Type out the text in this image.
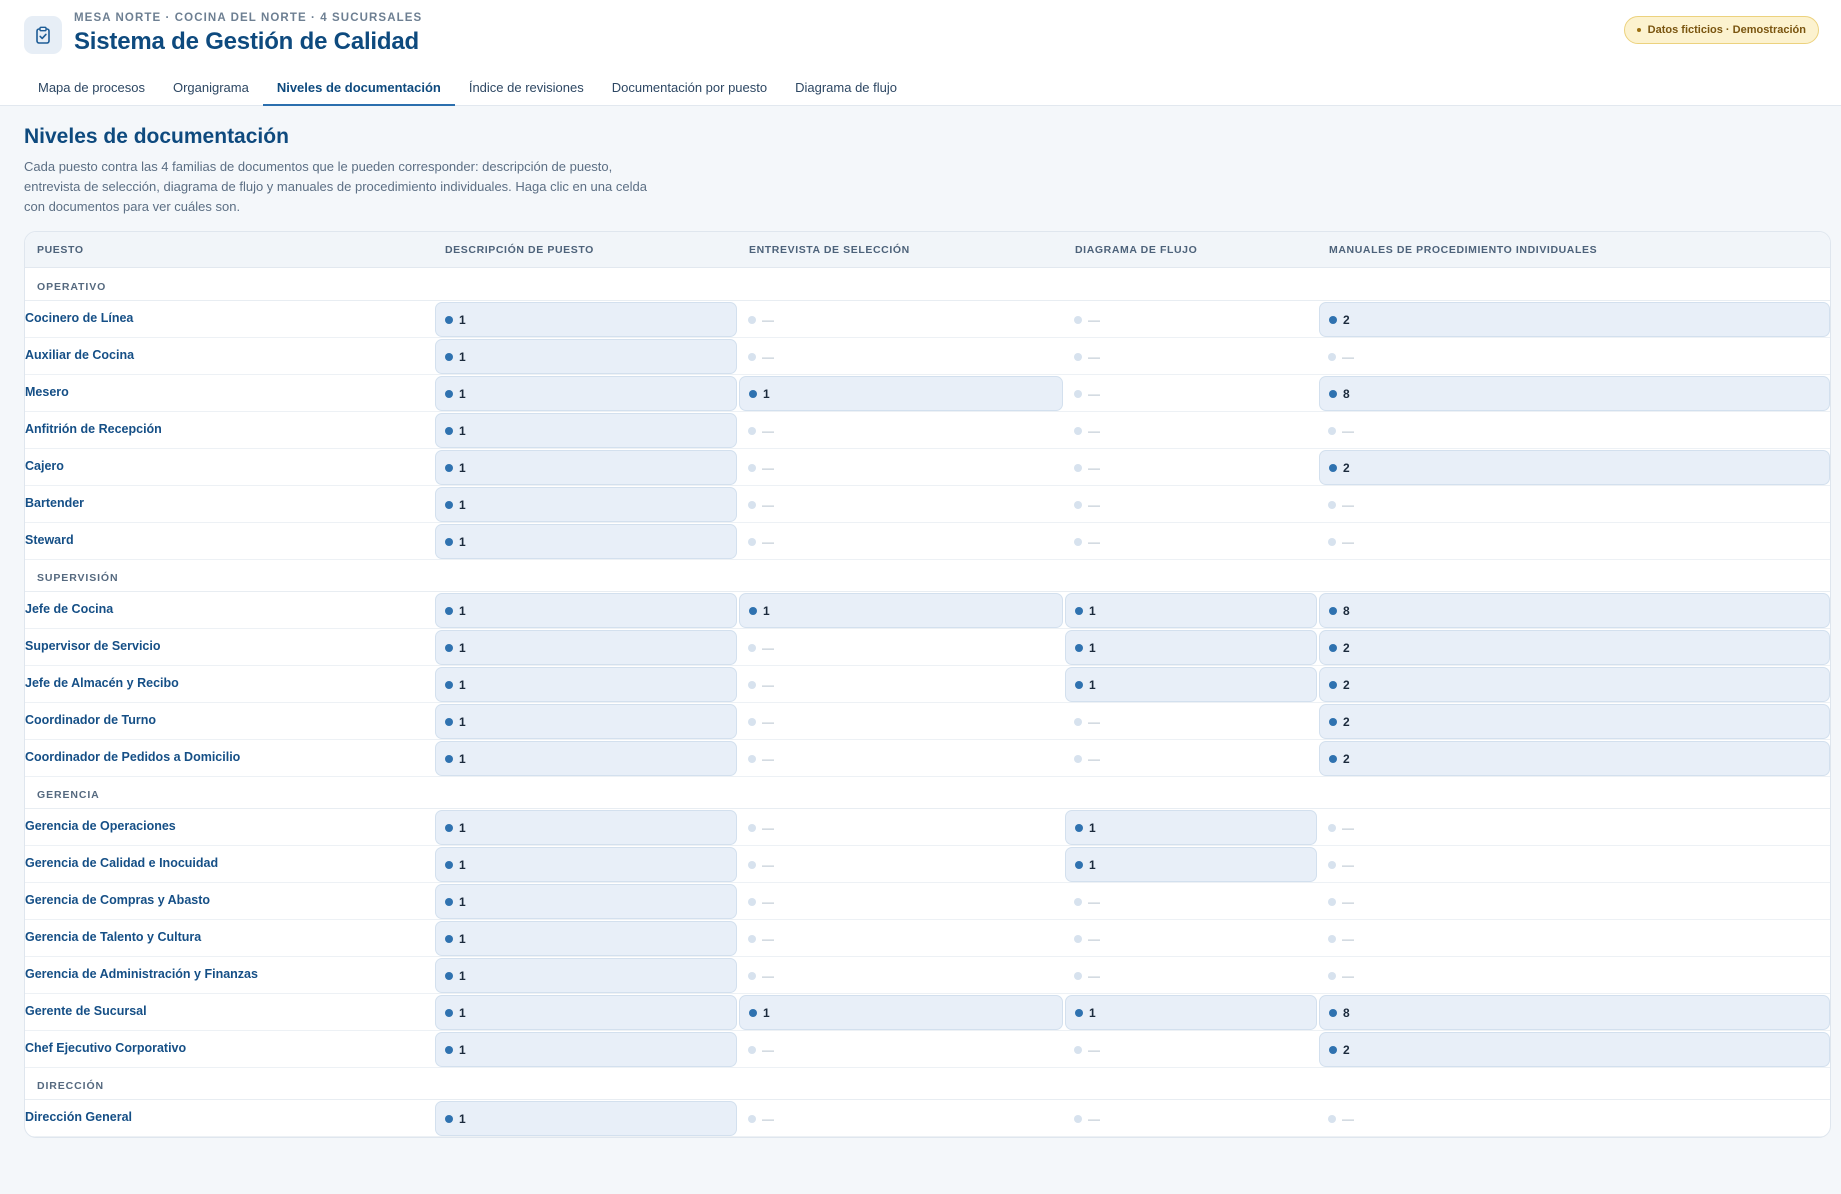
MESA NORTE · COCINA DEL NORTE · 4 SUCURSALES
Sistema de Gestión de Calidad	Datos ficticios · Demostración
Mapa de procesos	Organigrama	Niveles de documentación	Índice de revisiones	Documentación por puesto	Diagrama de flujo
Niveles de documentación
Cada puesto contra las 4 familias de documentos que le pueden corresponder: descripción de puesto, entrevista de selección, diagrama de flujo y manuales de procedimiento individuales. Haga clic en una celda con documentos para ver cuáles son.
PUESTO	DESCRIPCIÓN DE PUESTO	ENTREVISTA DE SELECCIÓN	DIAGRAMA DE FLUJO	MANUALES DE PROCEDIMIENTO INDIVIDUALES
OPERATIVO
Cocinero de Línea	1	—	—	2
Auxiliar de Cocina	1	—	—	—
Mesero	1	1	—	8
Anfitrión de Recepción	1	—	—	—
Cajero	1	—	—	2
Bartender	1	—	—	—
Steward	1	—	—	—
SUPERVISIÓN
Jefe de Cocina	1	1	1	8
Supervisor de Servicio	1	—	1	2
Jefe de Almacén y Recibo	1	—	1	2
Coordinador de Turno	1	—	—	2
Coordinador de Pedidos a Domicilio	1	—	—	2
GERENCIA
Gerencia de Operaciones	1	—	1	—
Gerencia de Calidad e Inocuidad	1	—	1	—
Gerencia de Compras y Abasto	1	—	—	—
Gerencia de Talento y Cultura	1	—	—	—
Gerencia de Administración y Finanzas	1	—	—	—
Gerente de Sucursal	1	1	1	8
Chef Ejecutivo Corporativo	1	—	—	2
DIRECCIÓN
Dirección General	1	—	—	—
